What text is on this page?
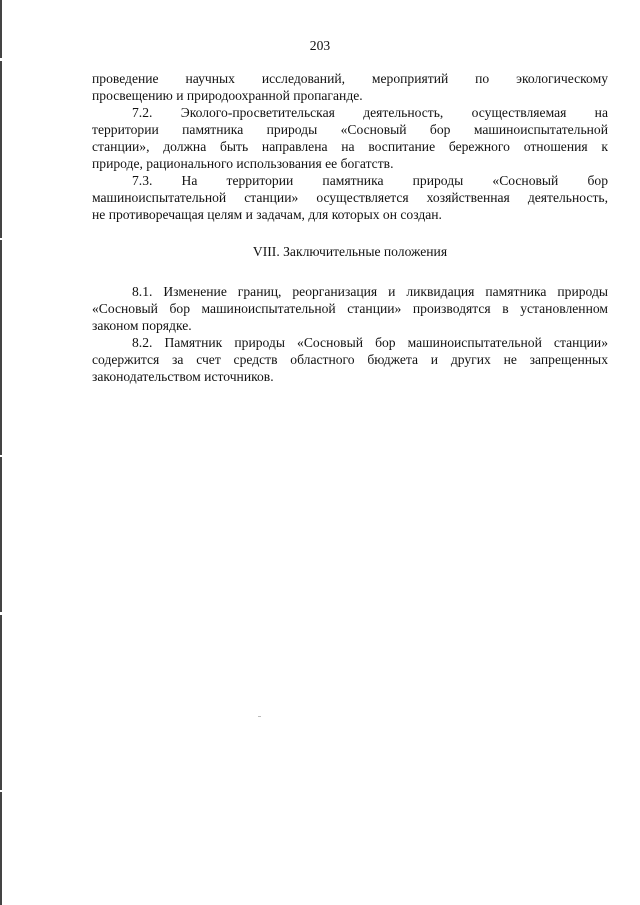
203
проведение научных исследований, мероприятий по экологическому
просвещению и природоохранной пропаганде.
7.2. Эколого-просветительская деятельность, осуществляемая на
территории памятника природы «Сосновый бор машиноиспытательной
станции», должна быть направлена на воспитание бережного отношения к
природе, рационального использования ее богатств.
7.3. На территории памятника природы «Сосновый бор
машиноиспытательной станции» осуществляется хозяйственная деятельность,
не противоречащая целям и задачам, для которых он создан.

VIII. Заключительные положения

8.1. Изменение границ, реорганизация и ликвидация памятника природы
«Сосновый бор машиноиспытательной станции» производятся в установленном
законом порядке.
8.2. Памятник природы «Сосновый бор машиноиспытательной станции»
содержится за счет средств областного бюджета и других не запрещенных
законодательством источников.
